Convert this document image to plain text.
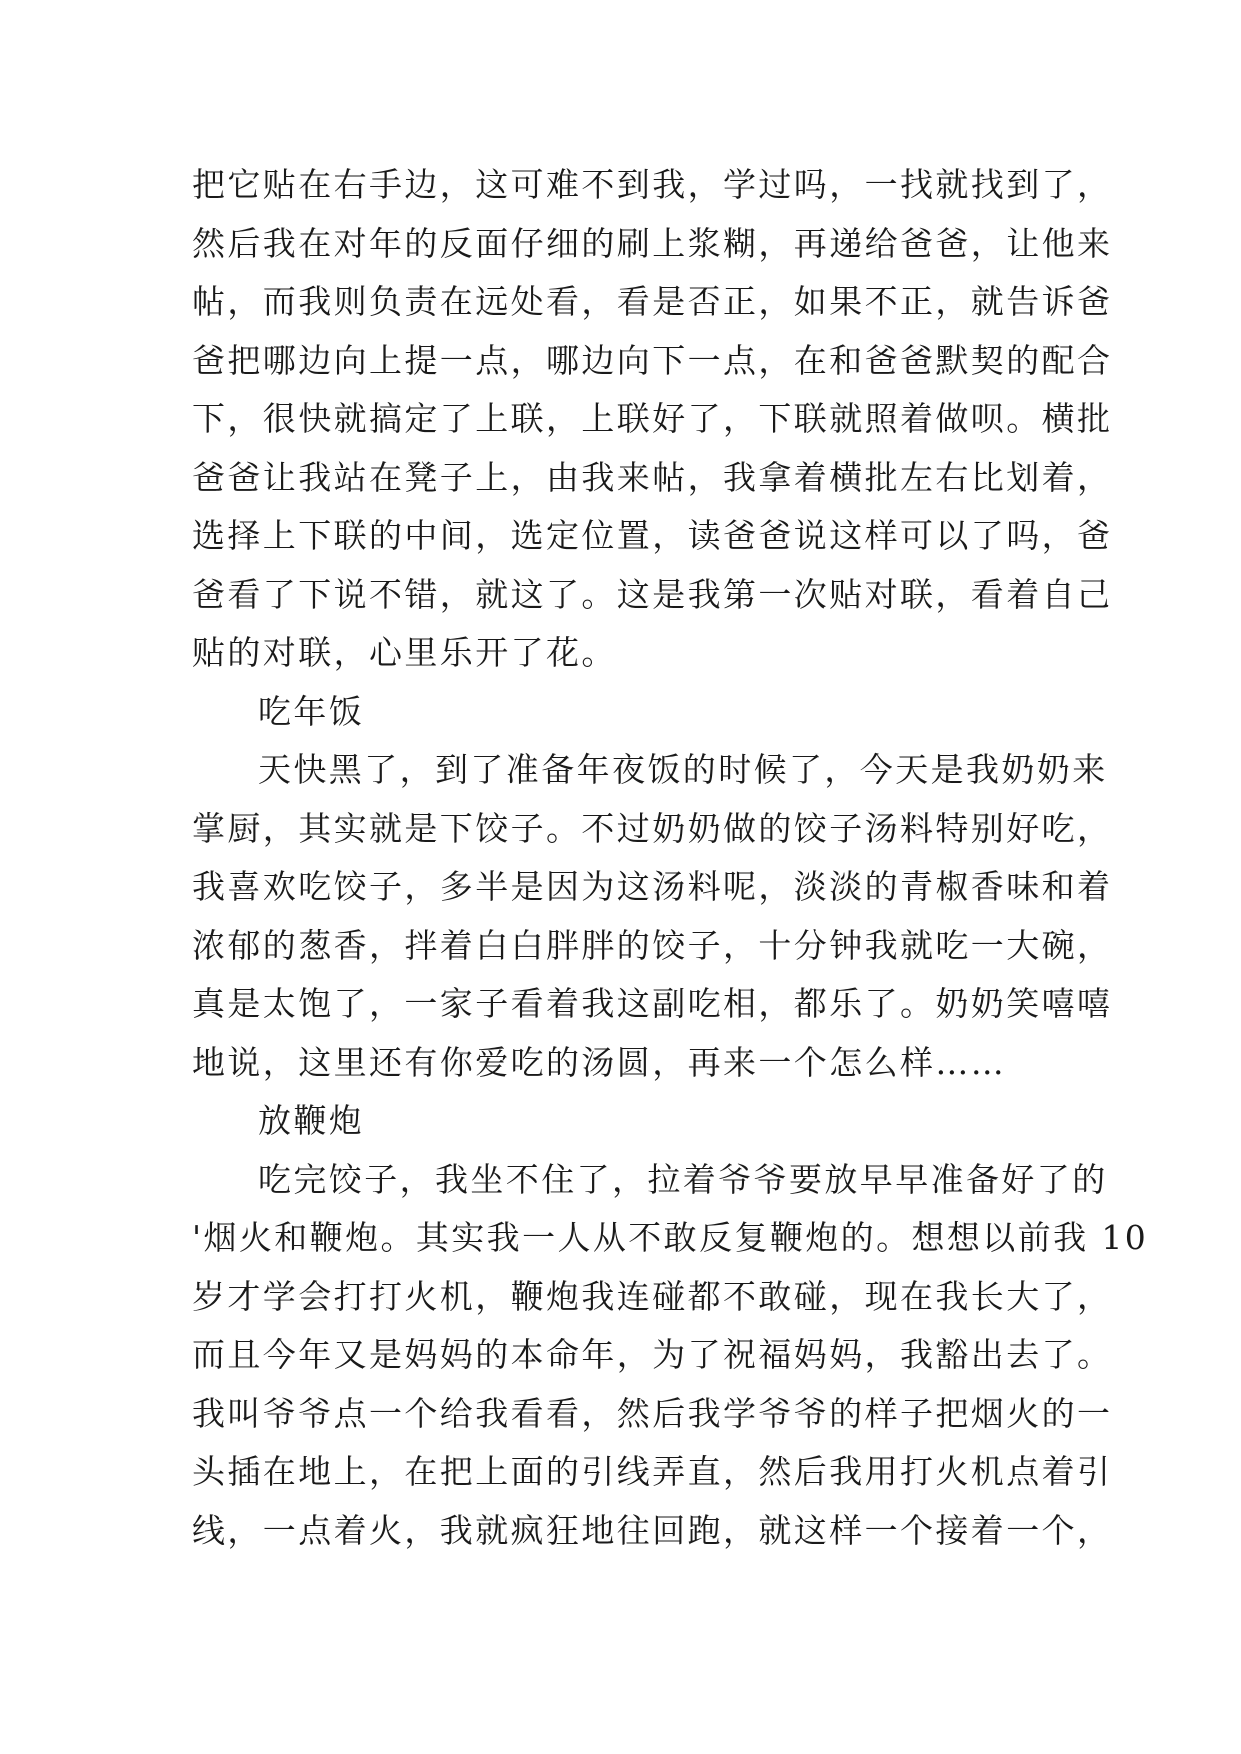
把它贴在右手边，这可难不到我，学过吗，一找就找到了，
然后我在对年的反面仔细的刷上浆糊，再递给爸爸，让他来
帖，而我则负责在远处看，看是否正，如果不正，就告诉爸
爸把哪边向上提一点，哪边向下一点，在和爸爸默契的配合
下，很快就搞定了上联，上联好了，下联就照着做呗。横批
爸爸让我站在凳子上，由我来帖，我拿着横批左右比划着，
选择上下联的中间，选定位置，读爸爸说这样可以了吗，爸
爸看了下说不错，就这了。这是我第一次贴对联，看着自己
贴的对联，心里乐开了花。
吃年饭
天快黑了，到了准备年夜饭的时候了，今天是我奶奶来
掌厨，其实就是下饺子。不过奶奶做的饺子汤料特别好吃，
我喜欢吃饺子，多半是因为这汤料呢，淡淡的青椒香味和着
浓郁的葱香，拌着白白胖胖的饺子，十分钟我就吃一大碗，
真是太饱了，一家子看着我这副吃相，都乐了。奶奶笑嘻嘻
地说，这里还有你爱吃的汤圆，再来一个怎么样……
放鞭炮
吃完饺子，我坐不住了，拉着爷爷要放早早准备好了的
'烟火和鞭炮。其实我一人从不敢反复鞭炮的。想想以前我 10
岁才学会打打火机，鞭炮我连碰都不敢碰，现在我长大了，
而且今年又是妈妈的本命年，为了祝福妈妈，我豁出去了。
我叫爷爷点一个给我看看，然后我学爷爷的样子把烟火的一
头插在地上，在把上面的引线弄直，然后我用打火机点着引
线，一点着火，我就疯狂地往回跑，就这样一个接着一个，
